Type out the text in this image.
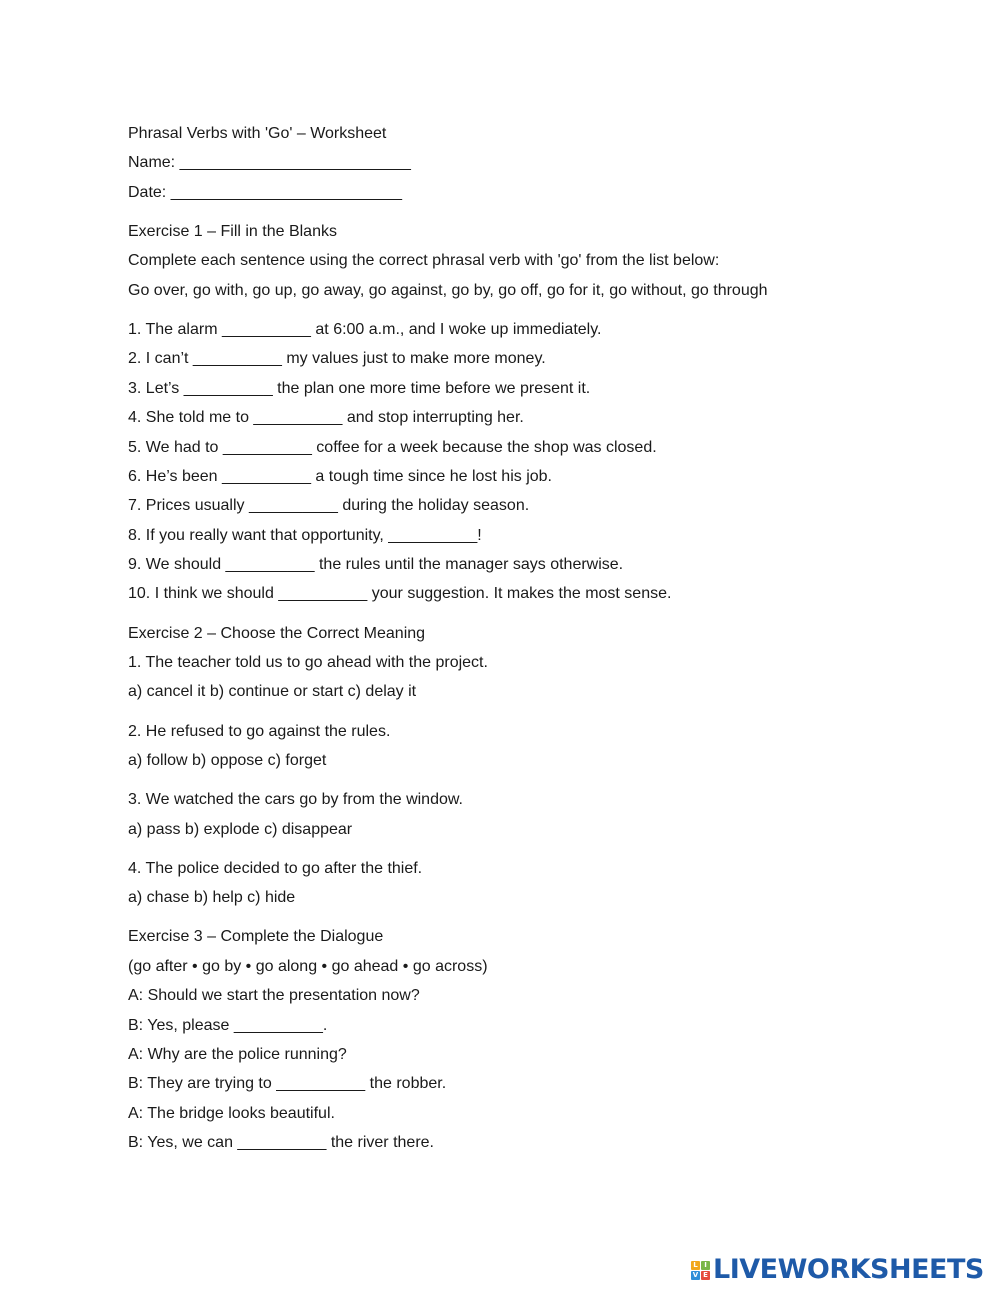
Phrasal Verbs with 'Go' – Worksheet
Name: __________________________
Date: __________________________
Exercise 1 – Fill in the Blanks
Complete each sentence using the correct phrasal verb with 'go' from the list below:
Go over, go with, go up, go away, go against, go by, go off, go for it, go without, go through
1. The alarm __________ at 6:00 a.m., and I woke up immediately.
2. I can’t __________ my values just to make more money.
3. Let’s __________ the plan one more time before we present it.
4. She told me to __________ and stop interrupting her.
5. We had to __________ coffee for a week because the shop was closed.
6. He’s been __________ a tough time since he lost his job.
7. Prices usually __________ during the holiday season.
8. If you really want that opportunity, __________!
9. We should __________ the rules until the manager says otherwise.
10. I think we should __________ your suggestion. It makes the most sense.
Exercise 2 – Choose the Correct Meaning
1. The teacher told us to go ahead with the project.
a) cancel it b) continue or start c) delay it
2. He refused to go against the rules.
a) follow b) oppose c) forget
3. We watched the cars go by from the window.
a) pass b) explode c) disappear
4. The police decided to go after the thief.
a) chase b) help c) hide
Exercise 3 – Complete the Dialogue
(go after • go by • go along • go ahead • go across)
A: Should we start the presentation now?
B: Yes, please __________.
A: Why are the police running?
B: They are trying to __________ the robber.
A: The bridge looks beautiful.
B: Yes, we can __________ the river there.
L I
V E LIVEWORKSHEETS
